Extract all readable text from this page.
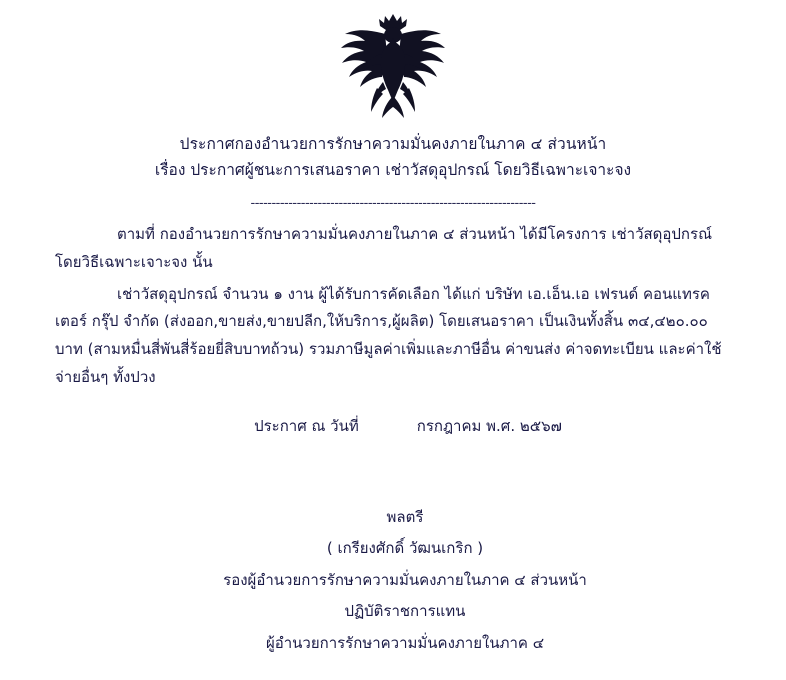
ประกาศกองอำนวยการรักษาความมั่นคงภายในภาค ๔ ส่วนหน้า
เรื่อง ประกาศผู้ชนะการเสนอราคา เช่าวัสดุอุปกรณ์ โดยวิธีเฉพาะเจาะจง
--------------------------------------------------------------------
ตามที่ กองอำนวยการรักษาความมั่นคงภายในภาค ๔ ส่วนหน้า ได้มีโครงการ เช่าวัสดุอุปกรณ์ โดยวิธีเฉพาะเจาะจง นั้น
เช่าวัสดุอุปกรณ์ จำนวน ๑ งาน ผู้ได้รับการคัดเลือก ได้แก่ บริษัท เอ.เอ็น.เอ เฟรนด์ คอนแทรคเตอร์ กรุ๊ป จำกัด (ส่งออก,ขายส่ง,ขายปลีก,ให้บริการ,ผู้ผลิต) โดยเสนอราคา เป็นเงินทั้งสิ้น ๓๔,๔๒๐.๐๐ บาท (สามหมื่นสี่พันสี่ร้อยยี่สิบบาทถ้วน) รวมภาษีมูลค่าเพิ่มและภาษีอื่น ค่าขนส่ง ค่าจดทะเบียน และค่าใช้จ่ายอื่นๆ ทั้งปวง
ประกาศ ณ วันที่	กรกฎาคม พ.ศ. ๒๕๖๗
พลตรี
( เกรียงศักดิ์ วัฒนเกริก )
รองผู้อำนวยการรักษาความมั่นคงภายในภาค ๔ ส่วนหน้า
ปฏิบัติราชการแทน
ผู้อำนวยการรักษาความมั่นคงภายในภาค ๔
